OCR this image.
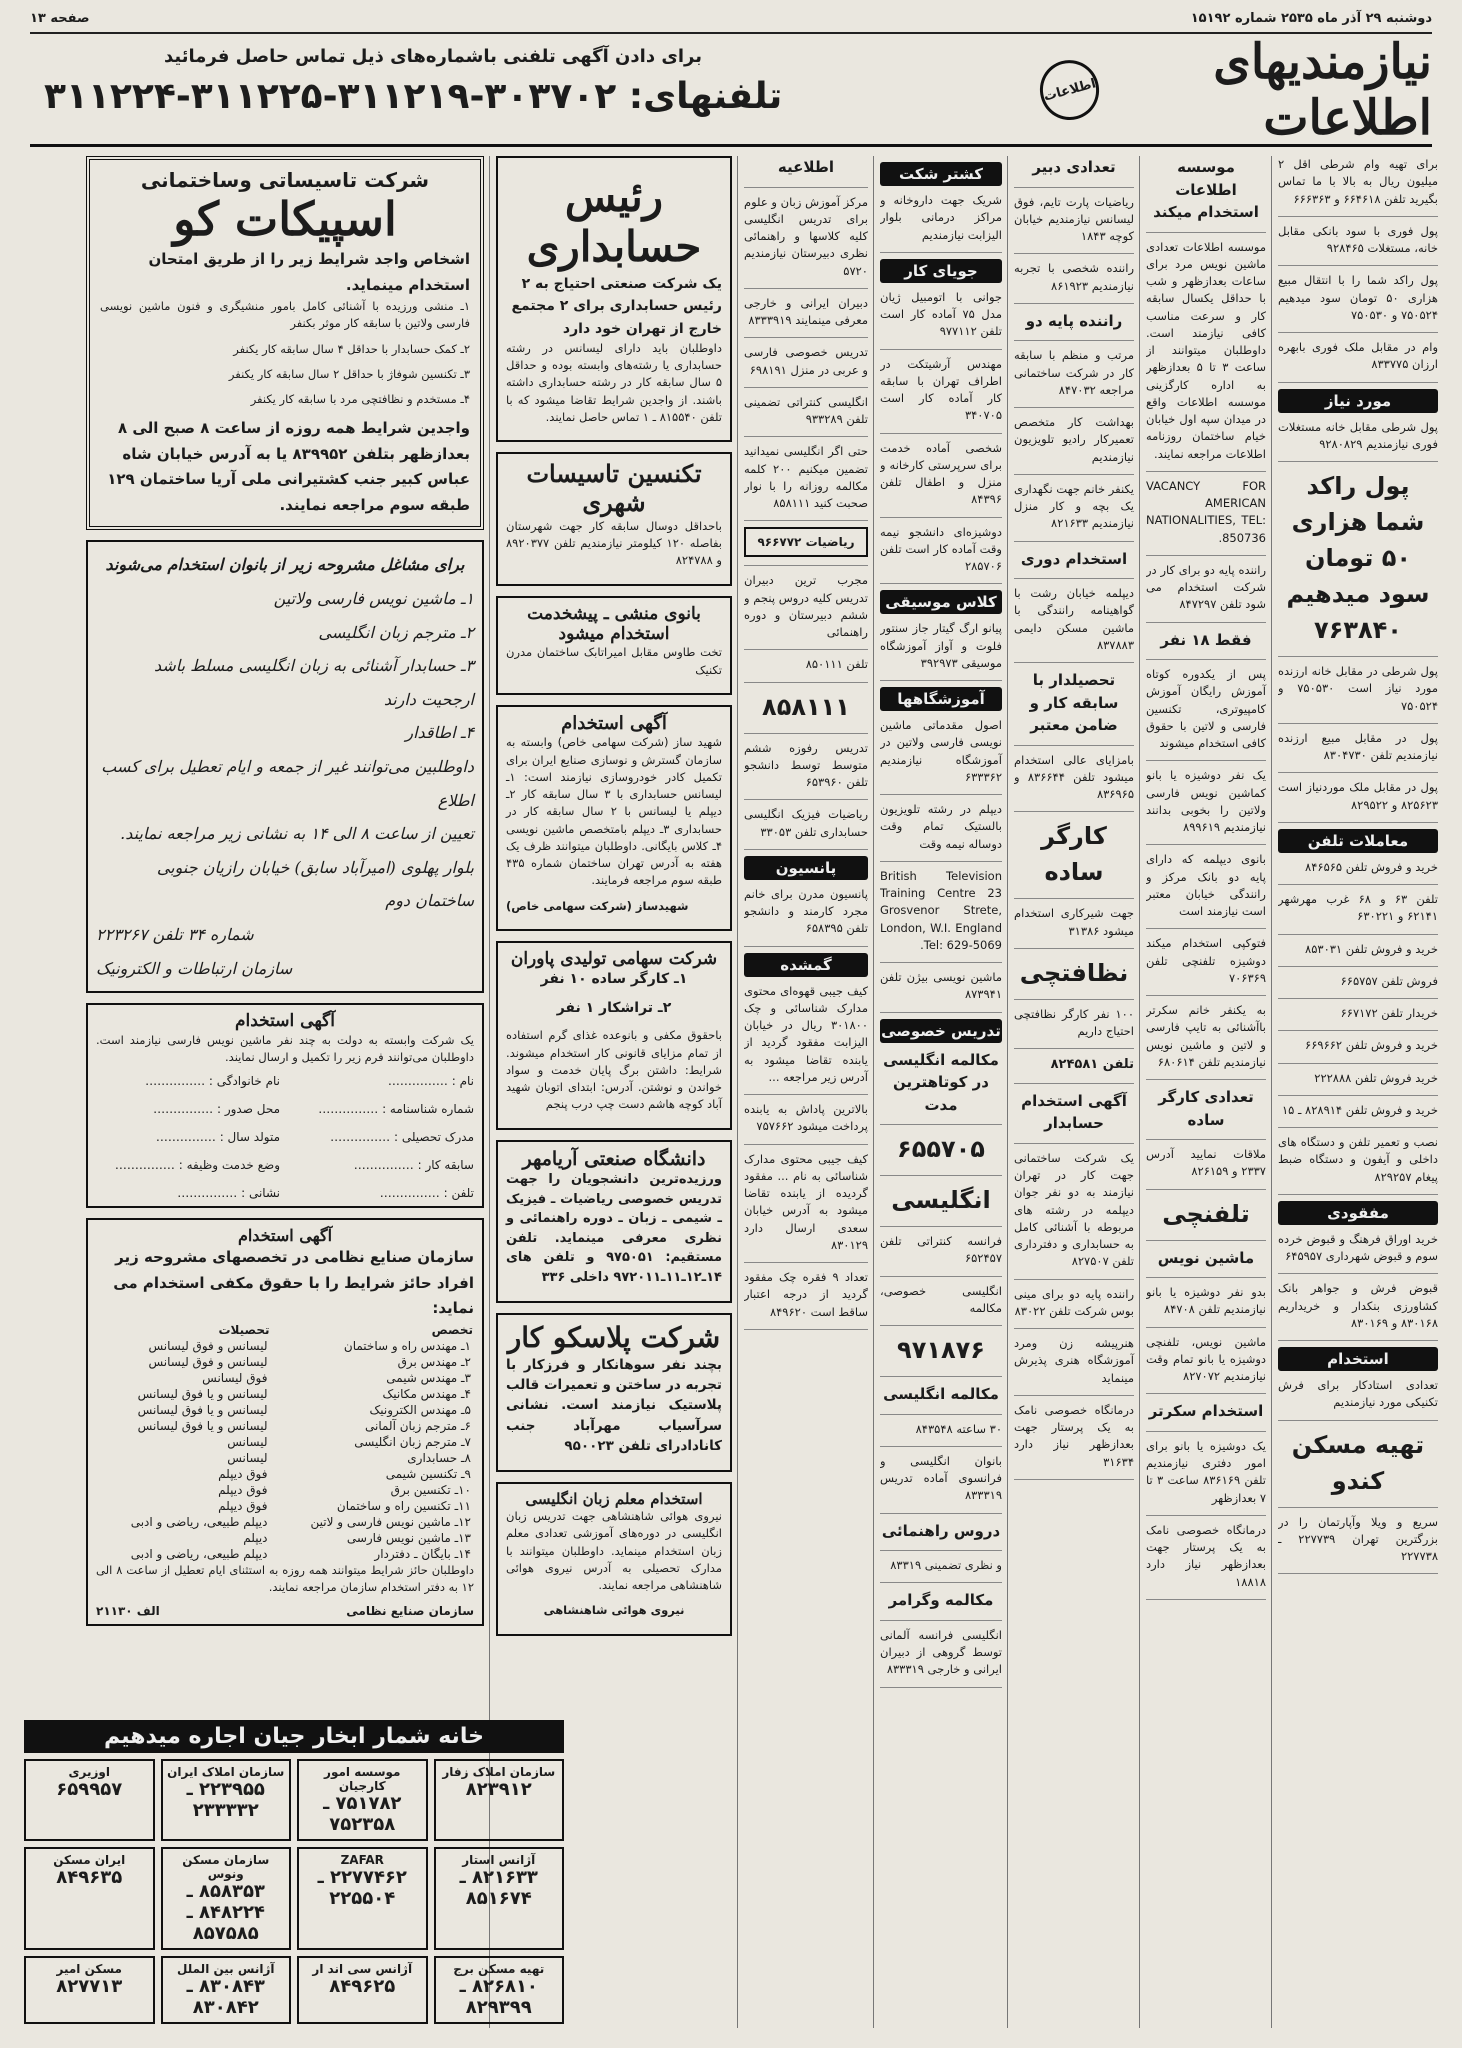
دوشنبه ۲۹ آذر ماه ۲۵۳۵ شماره ۱۵۱۹۲
صفحه ۱۳
نیازمندیهای اطلاعات
اطلاعات
برای دادن آگهی تلفنی باشماره‌های ذیل تماس حاصل فرمائید
تلفنهای: ۳۰۳۷۰۲-۳۱۱۲۱۹-۳۱۱۲۲۵-۳۱۱۲۲۴
برای تهیه وام شرطی اقل ۲ میلیون ریال به بالا با ما تماس بگیرید تلفن ۶۶۴۶۱۸ و ۶۶۶۳۶۳
پول فوری با سود بانکی مقابل خانه، مستغلات ۹۲۸۴۶۵
پول راکد شما را با انتقال مبیع هزاری ۵۰ تومان سود میدهیم ۷۵۰۵۲۴ و ۷۵۰۵۳۰
وام در مقابل ملک فوری بابهره ارزان ۸۳۳۷۷۵
مورد نیاز
پول شرطی مقابل خانه مستغلات فوری نیازمندیم ۹۲۸۰۸۲۹
پول راکد شما هزاری ۵۰ تومان سود میدهیم ۷۶۳۸۴۰
پول شرطی در مقابل خانه ارزنده مورد نیاز است ۷۵۰۵۳۰ و ۷۵۰۵۲۴
پول در مقابل مبیع ارزنده نیازمندیم تلفن ۸۳۰۴۷۳۰
پول در مقابل ملک موردنیاز است ۸۲۵۶۲۳ و ۸۲۹۵۲۲
معاملات تلفن
خرید و فروش تلفن ۸۴۶۵۶۵
تلفن ۶۳ و ۶۸ غرب مهرشهر ۶۲۱۴۱ و ۶۳۰۲۲۱
خرید و فروش تلفن ۸۵۳۰۳۱
فروش تلفن ۶۶۵۷۵۷
خریدار تلفن ۶۶۷۱۷۲
خرید و فروش تلفن ۶۶۹۶۶۲
خرید فروش تلفن ۲۲۲۸۸۸
خرید و فروش تلفن ۸۲۸۹۱۴ ـ ۱۵
نصب و تعمیر تلفن و دستگاه های داخلی و آیفون و دستگاه ضبط پیغام ۸۲۹۲۵۷
مفقودی
خرید اوراق فرهنگ و قبوض خرده سوم و قبوض شهرداری ۶۴۵۹۵۷
قبوض فرش و جواهر بانک کشاورزی بنکدار و خریداریم ۸۳۰۱۶۸ و ۸۳۰۱۶۹
استخدام
تعدادی استادکار برای فرش تکنیکی مورد نیازمندیم
تهیه مسکن کندو
سریع و ویلا وآپارتمان را در بزرگترین تهران ۲۲۷۷۳۹ ـ ۲۲۷۷۳۸
موسسه اطلاعات استخدام میکند
موسسه اطلاعات تعدادی ماشین نویس مرد برای ساعات بعدازظهر و شب با حداقل یکسال سابقه کار و سرعت مناسب کافی نیازمند است. داوطلبان میتوانند از ساعت ۳ تا ۵ بعدازظهر به اداره کارگزینی موسسه اطلاعات واقع در میدان سپه اول خیابان خیام ساختمان روزنامه اطلاعات مراجعه نمایند.
VACANCY FOR AMERICAN NATIONALITIES, TEL: 850736.
راننده پایه دو برای کار در شرکت استخدام می شود تلفن ۸۴۷۲۹۷
فقط ۱۸ نفر
پس از یکدوره کوتاه آموزش رایگان آموزش کامپیوتری، تکنسین فارسی و لاتین با حقوق کافی استخدام میشوند
یک نفر دوشیزه یا بانو کماشین نویس فارسی ولاتین را بخوبی بدانند نیازمندیم ۸۹۹۶۱۹
بانوی دیپلمه که دارای پایه دو بانک مرکز و رانندگی خیابان معتبر است نیازمند است
فتوکپی استخدام میکند دوشیزه تلفنچی تلفن ۷۰۶۳۶۹
به یکنفر خانم سکرتر باآشنائی به تایپ فارسی و لاتین و ماشین نویس نیازمندیم تلفن ۶۸۰۶۱۴
تعدادی کارگر ساده
ملاقات نمایید آدرس ۲۳۳۷ و ۸۲۶۱۵۹
تلفنچی
ماشین نویس
بدو نفر دوشیزه یا بانو نیازمندیم تلفن ۸۴۷۰۸
ماشین نویس، تلفنچی دوشیزه یا بانو تمام وقت نیازمندیم ۸۲۷۰۷۲
استخدام سکرتر
یک دوشیزه یا بانو برای امور دفتری نیازمندیم تلفن ۸۳۶۱۶۹ ساعت ۳ تا ۷ بعدازظهر
درمانگاه خصوصی نامک به یک پرستار جهت بعدازظهر نیاز دارد ۱۸۸۱۸
تعدادی دبیر
ریاضیات پارت تایم، فوق لیسانس نیازمندیم خیابان کوچه ۱۸۴۳
راننده شخصی با تجربه نیازمندیم ۸۶۱۹۲۳
راننده پایه دو
مرتب و منظم با سابقه کار در شرکت ساختمانی مراجعه ۸۴۷۰۳۲
بهداشت کار متخصص تعمیرکار رادیو تلویزیون نیازمندیم
یکنفر خانم جهت نگهداری یک بچه و کار منزل نیازمندیم ۸۲۱۶۳۳
استخدام دوری
دیپلمه خیابان رشت با گواهینامه رانندگی با ماشین مسکن دایمی ۸۳۷۸۸۳
تحصیلدار با سابقه کار و ضامن معتبر
بامزایای عالی استخدام میشود تلفن ۸۳۶۶۴۴ و ۸۳۶۹۶۵
کارگر ساده
جهت شیرکاری استخدام میشود ۳۱۳۸۶
نظافتچی
۱۰۰ نفر کارگر نظافتچی احتیاج داریم
تلفن ۸۲۴۵۸۱
آگهی استخدام حسابدار
یک شرکت ساختمانی جهت کار در تهران نیازمند به دو نفر جوان دیپلمه در رشته های مربوطه با آشنائی کامل به حسابداری و دفترداری تلفن ۸۲۷۵۰۷
راننده پایه دو برای مینی بوس شرکت تلفن ۸۳۰۲۲
هنرپیشه زن ومرد آموزشگاه هنری پذیرش مینماید
درمانگاه خصوصی نامک به یک پرستار جهت بعدازظهر نیاز دارد ۳۱۶۳۴
کشتر شکت
شریک جهت داروخانه و مراکز درمانی بلوار الیزابت نیازمندیم
جویای کار
جوانی با اتومبیل ژیان مدل ۷۵ آماده کار است تلفن ۹۷۷۱۱۲
مهندس آرشیتکت در اطراف تهران با سابقه کار آماده کار است ۳۴۰۷۰۵
شخصی آماده خدمت برای سرپرستی کارخانه و منزل و اطفال تلفن ۸۴۳۹۶
دوشیزه‌ای دانشجو نیمه وقت آماده کار است تلفن ۲۸۵۷۰۶
کلاس موسیقی
پیانو ارگ گیتار جاز سنتور فلوت و آواز آموزشگاه موسیقی ۳۹۲۹۷۳
آموزشگاهها
اصول مقدماتی ماشین نویسی فارسی ولاتین در آموزشگاه نیازمندیم ۶۳۳۳۶۲
دیپلم در رشته تلویزیون بالستیک تمام وقت دوساله نیمه وقت
British Television Training Centre 23 Grosvenor Strete, London, W.I. England Tel: 629-5069.
ماشین نویسی بیژن تلفن ۸۷۳۹۴۱
تدریس خصوصی
مکالمه انگلیسی در کوتاهترین مدت
۶۵۵۷۰۵
انگلیسی
فرانسه کنتراتی تلفن ۶۵۲۴۵۷
انگلیسی خصوصی، مکالمه
۹۷۱۸۷۶
مکالمه انگلیسی
۳۰ ساعته ۸۴۳۵۴۸
بانوان انگلیسی و فرانسوی آماده تدریس ۸۳۳۳۱۹
دروس راهنمائی
و نظری تضمینی ۸۳۳۱۹
مکالمه وگرامر
انگلیسی فرانسه آلمانی توسط گروهی از دبیران ایرانی و خارجی ۸۳۳۳۱۹
اطلاعیه
مرکز آموزش زبان و علوم برای تدریس انگلیسی کلیه کلاسها و راهنمائی نظری دبیرستان نیازمندیم ۵۷۲۰
دبیران ایرانی و خارجی معرفی مینمایند ۸۳۳۳۹۱۹
تدریس خصوصی فارسی و عربی در منزل ۶۹۸۱۹۱
انگلیسی کنتراتی تضمینی تلفن ۹۳۳۲۸۹
حتی اگر انگلیسی نمیدانید تضمین میکنیم ۲۰۰ کلمه مکالمه روزانه را با نوار صحبت کنید ۸۵۸۱۱۱
ریاضیات ۹۶۶۷۷۲
مجرب ترین دبیران تدریس کلیه دروس پنجم و ششم دبیرستان و دوره راهنمائی
تلفن ۸۵۰۱۱۱
۸۵۸۱۱۱
تدریس رفوزه ششم متوسط توسط دانشجو تلفن ۶۵۳۹۶۰
ریاضیات فیزیک انگلیسی حسابداری تلفن ۳۳۰۵۳
پانسیون
پانسیون مدرن برای خانم مجرد کارمند و دانشجو تلفن ۶۵۸۳۹۵
گمشده
کیف جیبی قهوه‌ای محتوی مدارک شناسائی و چک ۳۰۱۸۰۰ ریال در خیابان الیزابت مفقود گردید از یابنده تقاضا میشود به آدرس زیر مراجعه ...
بالاترین پاداش به یابنده پرداخت میشود ۷۵۷۶۶۲
کیف جیبی محتوی مدارک شناسائی به نام ... مفقود گردیده از یابنده تقاضا میشود به آدرس خیابان سعدی ارسال دارد ۸۳۰۱۲۹
تعداد ۹ فقره چک مفقود گردید از درجه اعتبار ساقط است ۸۴۹۶۲۰
رئیس حسابداری
یک شرکت صنعتی احتیاج به ۲ رئیس حسابداری برای ۲ مجتمع خارج از تهران خود دارد
داوطلبان باید دارای لیسانس در رشته حسابداری یا رشته‌های وابسته بوده و حداقل ۵ سال سابقه کار در رشته حسابداری داشته باشند. از واجدین شرایط تقاضا میشود که با تلفن ۸۱۵۵۴۰ ـ ۱ تماس حاصل نمایند.
تکنسین تاسیسات شهری
باحداقل دوسال سابقه کار جهت شهرستان بفاصله ۱۲۰ کیلومتر نیازمندیم تلفن ۸۹۲۰۳۷۷ و ۸۲۴۷۸۸
بانوی منشی ـ پیشخدمت استخدام میشود
تخت طاوس مقابل امیراتابک ساختمان مدرن تکنیک
آگهی استخدام
شهید ساز (شرکت سهامی خاص) وابسته به سازمان گسترش و نوسازی صنایع ایران برای تکمیل کادر خودروسازی نیازمند است: ۱ـ لیسانس حسابداری با ۳ سال سابقه کار ۲ـ دیپلم یا لیسانس با ۲ سال سابقه کار در حسابداری ۳ـ دیپلم بامتخصص ماشین نویسی ۴ـ کلاس بایگانی. داوطلبان میتوانند ظرف یک هفته به آدرس تهران ساختمان شماره ۴۳۵ طبقه سوم مراجعه فرمایند.
شهیدساز (شرکت سهامی خاص)
شرکت سهامی تولیدی پاوران
۱ـ کارگر ساده ۱۰ نفر
۲ـ تراشکار ۱ نفر
باحقوق مکفی و بانوعده غذای گرم استفاده از تمام مزایای قانونی کار استخدام میشوند. شرایط: داشتن برگ پایان خدمت و سواد خواندن و نوشتن. آدرس: ابتدای اتوبان شهید آباد کوچه هاشم دست چپ درب پنجم
دانشگاه صنعتی آریامهر
ورزیده‌ترین دانشجویان را جهت تدریس خصوصی ریاضیات ـ فیزیک ـ شیمی ـ زبان ـ دوره راهنمائی و نظری معرفی مینماید. تلفن مستقیم: ۹۷۵۰۵۱ و تلفن های ۱۴ـ۱۲ـ۱۱ـ۹۷۲۰۱۱ داخلی ۳۳۶
شرکت پلاسکو کار
بچند نفر سوهانکار و فرزکار با تجربه در ساختن و تعمیرات قالب پلاستیک نیازمند است. نشانی سرآسیاب مهرآباد جنب کانادادرای تلفن ۹۵۰۰۲۳
استخدام معلم زبان انگلیسی
نیروی هوائی شاهنشاهی جهت تدریس زبان انگلیسی در دوره‌های آموزشی تعدادی معلم زبان استخدام مینماید. داوطلبان میتوانند با مدارک تحصیلی به آدرس نیروی هوائی شاهنشاهی مراجعه نمایند.
نیروی هوائی شاهنشاهی
شرکت تاسیساتی وساختمانی
اسپیکات کو
اشخاص واجد شرایط زیر را از طریق امتحان استخدام مینماید.
۱ـ منشی ورزیده با آشنائی کامل بامور منشیگری و فنون ماشین نویسی فارسی ولاتین با سابقه کار موثر بکنفر
۲ـ کمک حسابدار با حداقل ۴ سال سابقه کار یکنفر
۳ـ تکنسین شوفاژ با حداقل ۲ سال سابقه کار یکنفر
۴ـ مستخدم و نظافتچی مرد با سابقه کار یکنفر
واجدین شرایط همه روزه از ساعت ۸ صبح الی ۸ بعدازظهر بتلفن ۸۳۹۹۵۲ یا به آدرس خیابان شاه عباس کبیر جنب کشتیرانی ملی آریا ساختمان ۱۲۹ طبقه سوم مراجعه نمایند.
برای مشاغل مشروحه زیر از بانوان استخدام می‌شوند
۱ـ ماشین نویس فارسی ولاتین
۲ـ مترجم زبان انگلیسی
۳ـ حسابدار آشنائی به زبان انگلیسی مسلط باشد ارجحیت دارند
۴ـ اطاقدار
داوطلبین می‌توانند غیر از جمعه و ایام تعطیل برای کسب اطلاع
تعیین از ساعت ۸ الی ۱۴ به نشانی زیر مراجعه نمایند.
بلوار پهلوی (امیرآباد سابق) خیابان رازیان جنوبی ساختمان دوم
شماره ۳۴ تلفن ۲۲۳۲۶۷
سازمان ارتباطات و الکترونیک
آگهی استخدام
یک شرکت وابسته به دولت به چند نفر ماشین نویس فارسی نیازمند است. داوطلبان می‌توانند فرم زیر را تکمیل و ارسال نمایند.
نام : ……………
نام خانوادگی : ……………
شماره شناسنامه : ……………
محل صدور : ……………
مدرک تحصیلی : ……………
متولد سال : ……………
سابقه کار : ……………
وضع خدمت وظیفه : ……………
تلفن : ……………
نشانی : ……………
آگهی استخدام
سازمان صنایع نظامی در تخصصهای مشروحه زیر افراد حائز شرایط را با حقوق مکفی استخدام می نماید:
تخصص	تحصیلات
۱ـ مهندس راه و ساختمان	لیسانس و فوق لیسانس
۲ـ مهندس برق	لیسانس و فوق لیسانس
۳ـ مهندس شیمی	فوق لیسانس
۴ـ مهندس مکانیک	لیسانس و یا فوق لیسانس
۵ـ مهندس الکترونیک	لیسانس و یا فوق لیسانس
۶ـ مترجم زبان آلمانی	لیسانس و یا فوق لیسانس
۷ـ مترجم زبان انگلیسی	لیسانس
۸ـ حسابداری	لیسانس
۹ـ تکنسین شیمی	فوق دیپلم
۱۰ـ تکنسین برق	فوق دیپلم
۱۱ـ تکنسین راه و ساختمان	فوق دیپلم
۱۲ـ ماشین نویس فارسی و لاتین	دیپلم طبیعی، ریاضی و ادبی
۱۳ـ ماشین نویس فارسی	دیپلم
۱۴ـ بایگان ـ دفتردار	دیپلم طبیعی، ریاضی و ادبی
داوطلبان حائز شرایط میتوانند همه روزه به استثنای ایام تعطیل از ساعت ۸ الی ۱۲ به دفتر استخدام سازمان مراجعه نمایند.
سازمان صنایع نظامی
الف ۲۱۱۳۰
خانه شمار ابخار جیان اجاره میدهیم
سازمان املاک زفار
۸۲۳۹۱۲
موسسه امور کارجیان
۷۵۱۷۸۲ ـ ۷۵۲۳۵۸
سازمان املاک ایران
۲۲۳۹۵۵ ـ ۲۳۳۳۳۲
اوزیری
۶۵۹۹۵۷
آژانس استار
۸۲۱۶۳۳ ـ ۸۵۱۶۷۴
ZAFAR
۲۲۷۷۴۶۲ ـ ۲۲۵۵۰۴
سازمان مسکن ونوس
۸۵۸۳۵۳ ـ ۸۴۸۲۲۴ ـ ۸۵۷۵۸۵
ایران مسکن
۸۴۹۶۳۵
تهیه مسکن برج
۸۲۶۸۱۰ ـ ۸۲۹۳۹۹
آژانس سی اند ار
۸۴۹۶۲۵
آژانس بین الملل
۸۳۰۸۴۳ ـ ۸۳۰۸۴۲
مسکن امیر
۸۲۷۷۱۳
